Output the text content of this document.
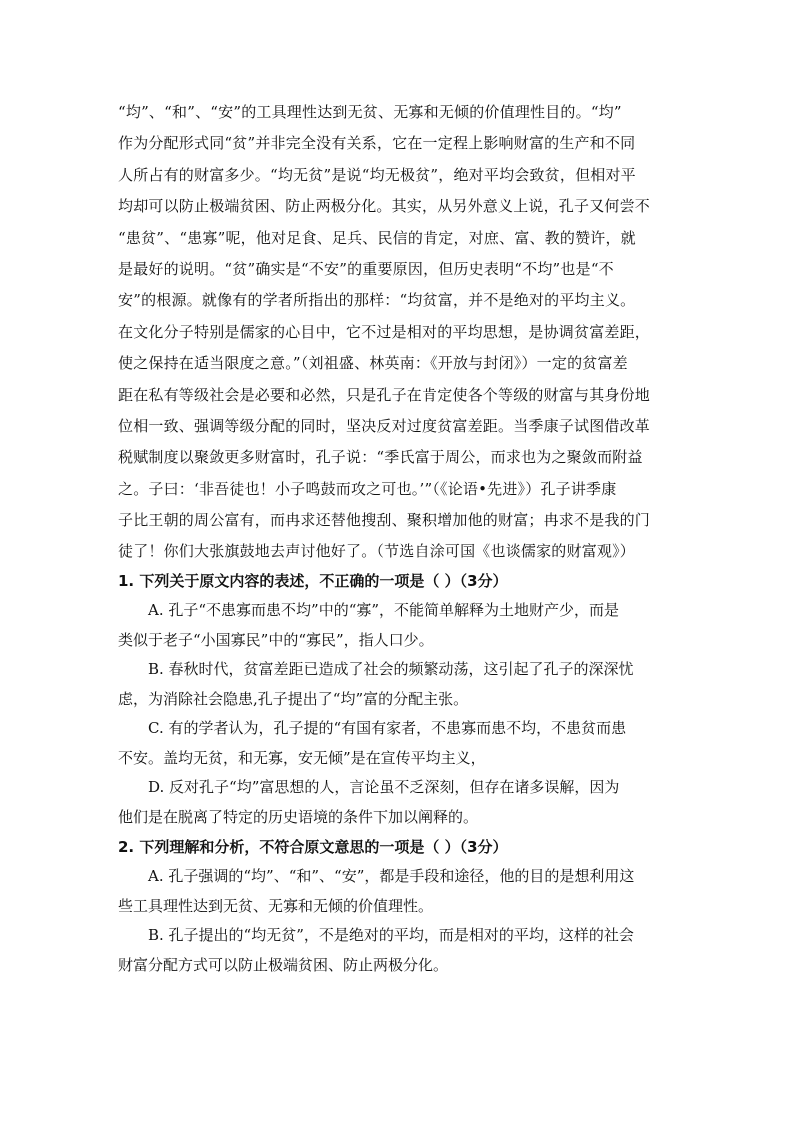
“均”、“和”、“安”的工具理性达到无贫、无寡和无倾的价值理性目的。“均”
作为分配形式同“贫”并非完全没有关系，它在一定程上影响财富的生产和不同
人所占有的财富多少。“均无贫”是说“均无极贫”，绝对平均会致贫，但相对平
均却可以防止极端贫困、防止两极分化。其实，从另外意义上说，孔子又何尝不
“患贫”、“患寡”呢，他对足食、足兵、民信的肯定，对庶、富、教的赞许，就
是最好的说明。“贫”确实是“不安”的重要原因，但历史表明“不均”也是“不
安”的根源。就像有的学者所指出的那样：“均贫富，并不是绝对的平均主义。
在文化分子特别是儒家的心目中，它不过是相对的平均思想，是协调贫富差距，
使之保持在适当限度之意。”（刘祖盛、林英南：《开放与封闭》）一定的贫富差
距在私有等级社会是必要和必然，只是孔子在肯定使各个等级的财富与其身份地
位相一致、强调等级分配的同时，坚决反对过度贫富差距。当季康子试图借改革
税赋制度以聚敛更多财富时，孔子说：“季氏富于周公，而求也为之聚敛而附益
之。子曰：‘非吾徒也！小子鸣鼓而攻之可也。’”（《论语•先进》）孔子讲季康
子比王朝的周公富有，而冉求还替他搜刮、聚积增加他的财富；冉求不是我的门
徒了！你们大张旗鼓地去声讨他好了。（节选自涂可国《也谈儒家的财富观》）
1. 下列关于原文内容的表述，不正确的一项是（ ）（3分）
A. 孔子“不患寡而患不均”中的“寡”，不能简单解释为土地财产少，而是
类似于老子“小国寡民”中的“寡民”，指人口少。
B. 春秋时代，贫富差距已造成了社会的频繁动荡，这引起了孔子的深深忧
虑，为消除社会隐患,孔子提出了“均”富的分配主张。
C. 有的学者认为，孔子提的“有国有家者，不患寡而患不均，不患贫而患
不安。盖均无贫，和无寡，安无倾”是在宣传平均主义，
D. 反对孔子“均”富思想的人，言论虽不乏深刻，但存在诸多误解，因为
他们是在脱离了特定的历史语境的条件下加以阐释的。
2. 下列理解和分析，不符合原文意思的一项是（ ）（3分）
A. 孔子强调的“均”、“和”、“安”，都是手段和途径，他的目的是想利用这
些工具理性达到无贫、无寡和无倾的价值理性。
B. 孔子提出的“均无贫”，不是绝对的平均，而是相对的平均，这样的社会
财富分配方式可以防止极端贫困、防止两极分化。
